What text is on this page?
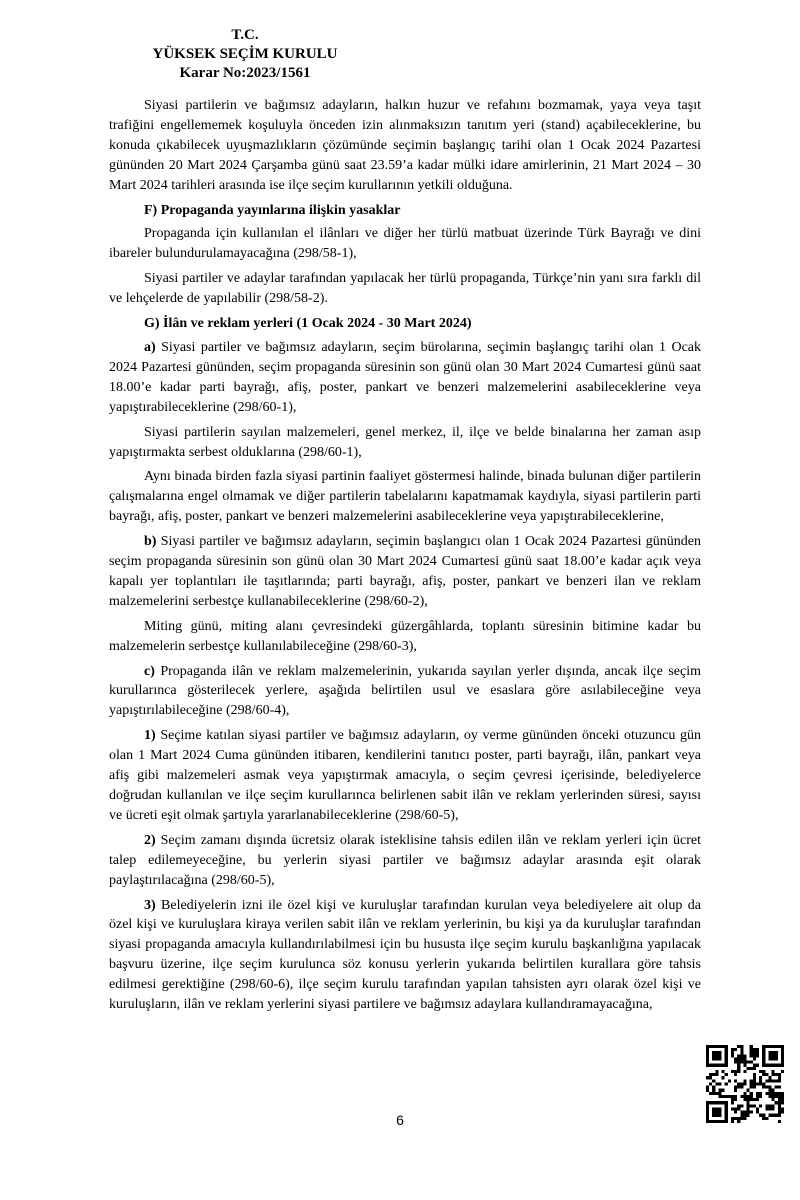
T.C.
YÜKSEK SEÇİM KURULU
Karar No:2023/1561

Siyasi partilerin ve bağımsız adayların, halkın huzur ve refahını bozmamak, yaya veya taşıt trafiğini engellememek koşuluyla önceden izin alınmaksızın tanıtım yeri (stand) açabileceklerine, bu konuda çıkabilecek uyuşmazlıkların çözümünde seçimin başlangıç tarihi olan 1 Ocak 2024 Pazartesi gününden 20 Mart 2024 Çarşamba günü saat 23.59’a kadar mülki idare amirlerinin, 21 Mart 2024 – 30 Mart 2024 tarihleri arasında ise ilçe seçim kurullarının yetkili olduğuna.

F) Propaganda yayınlarına ilişkin yasaklar

Propaganda için kullanılan el ilânları ve diğer her türlü matbuat üzerinde Türk Bayrağı ve dini ibareler bulundurulamayacağına (298/58-1),

Siyasi partiler ve adaylar tarafından yapılacak her türlü propaganda, Türkçe’nin yanı sıra farklı dil ve lehçelerde de yapılabilir (298/58-2).

G) İlân ve reklam yerleri (1 Ocak 2024 - 30 Mart 2024)

a) Siyasi partiler ve bağımsız adayların, seçim bürolarına, seçimin başlangıç tarihi olan 1 Ocak 2024 Pazartesi gününden, seçim propaganda süresinin son günü olan 30 Mart 2024 Cumartesi günü saat 18.00’e kadar parti bayrağı, afiş, poster, pankart ve benzeri malzemelerini asabileceklerine veya yapıştırabileceklerine (298/60-1),

Siyasi partilerin sayılan malzemeleri, genel merkez, il, ilçe ve belde binalarına her zaman asıp yapıştırmakta serbest olduklarına (298/60-1),

Aynı binada birden fazla siyasi partinin faaliyet göstermesi halinde, binada bulunan diğer partilerin çalışmalarına engel olmamak ve diğer partilerin tabelalarını kapatmamak kaydıyla, siyasi partilerin parti bayrağı, afiş, poster, pankart ve benzeri malzemelerini asabileceklerine veya yapıştırabileceklerine,

b) Siyasi partiler ve bağımsız adayların, seçimin başlangıcı olan 1 Ocak 2024 Pazartesi gününden seçim propaganda süresinin son günü olan 30 Mart 2024 Cumartesi günü saat 18.00’e kadar açık veya kapalı yer toplantıları ile taşıtlarında; parti bayrağı, afiş, poster, pankart ve benzeri ilan ve reklam malzemelerini serbestçe kullanabileceklerine (298/60-2),

Miting günü, miting alanı çevresindeki güzergâhlarda, toplantı süresinin bitimine kadar bu malzemelerin serbestçe kullanılabileceğine (298/60-3),

c) Propaganda ilân ve reklam malzemelerinin, yukarıda sayılan yerler dışında, ancak ilçe seçim kurullarınca gösterilecek yerlere, aşağıda belirtilen usul ve esaslara göre asılabileceğine veya yapıştırılabileceğine (298/60-4),

1) Seçime katılan siyasi partiler ve bağımsız adayların, oy verme gününden önceki otuzuncu gün olan 1 Mart 2024 Cuma gününden itibaren, kendilerini tanıtıcı poster, parti bayrağı, ilân, pankart veya afiş gibi malzemeleri asmak veya yapıştırmak amacıyla, o seçim çevresi içerisinde, belediyelerce doğrudan kullanılan ve ilçe seçim kurullarınca belirlenen sabit ilân ve reklam yerlerinden süresi, sayısı ve ücreti eşit olmak şartıyla yararlanabileceklerine (298/60-5),

2) Seçim zamanı dışında ücretsiz olarak isteklisine tahsis edilen ilân ve reklam yerleri için ücret talep edilemeyeceğine, bu yerlerin siyasi partiler ve bağımsız adaylar arasında eşit olarak paylaştırılacağına (298/60-5),

3) Belediyelerin izni ile özel kişi ve kuruluşlar tarafından kurulan veya belediyelere ait olup da özel kişi ve kuruluşlara kiraya verilen sabit ilân ve reklam yerlerinin, bu kişi ya da kuruluşlar tarafından siyasi propaganda amacıyla kullandırılabilmesi için bu hususta ilçe seçim kurulu başkanlığına yapılacak başvuru üzerine, ilçe seçim kurulunca söz konusu yerlerin yukarıda belirtilen kurallara göre tahsis edilmesi gerektiğine (298/60-6), ilçe seçim kurulu tarafından yapılan tahsisten ayrı olarak özel kişi ve kuruluşların, ilân ve reklam yerlerini siyasi partilere ve bağımsız adaylara kullandıramayacağına,

6
